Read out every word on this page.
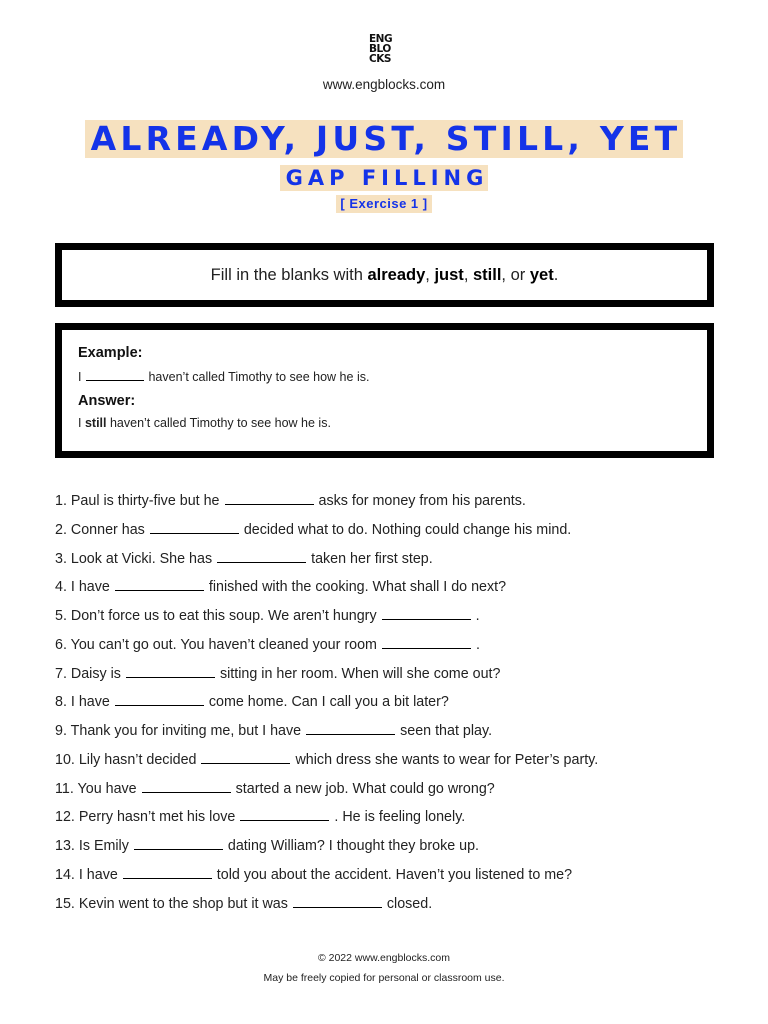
ENG
BLO
CKS
www.engblocks.com
ALREADY, JUST, STILL, YET
GAP FILLING
[ Exercise 1 ]
Fill in the blanks with already, just, still, or yet.
Example:
I	haven’t called Timothy to see how he is.
Answer:
I still haven’t called Timothy to see how he is.
1. Paul is thirty-five but he	asks for money from his parents.
2. Conner has	decided what to do. Nothing could change his mind.
3. Look at Vicki. She has	taken her first step.
4. I have	finished with the cooking. What shall I do next?
5. Don’t force us to eat this soup. We aren’t hungry	.
6. You can’t go out. You haven’t cleaned your room	.
7. Daisy is	sitting in her room. When will she come out?
8. I have	come home. Can I call you a bit later?
9. Thank you for inviting me, but I have	seen that play.
10. Lily hasn’t decided	which dress she wants to wear for Peter’s party.
11. You have	started a new job. What could go wrong?
12. Perry hasn’t met his love	. He is feeling lonely.
13. Is Emily	dating William? I thought they broke up.
14. I have	told you about the accident. Haven’t you listened to me?
15. Kevin went to the shop but it was	closed.
© 2022 www.engblocks.com
May be freely copied for personal or classroom use.
